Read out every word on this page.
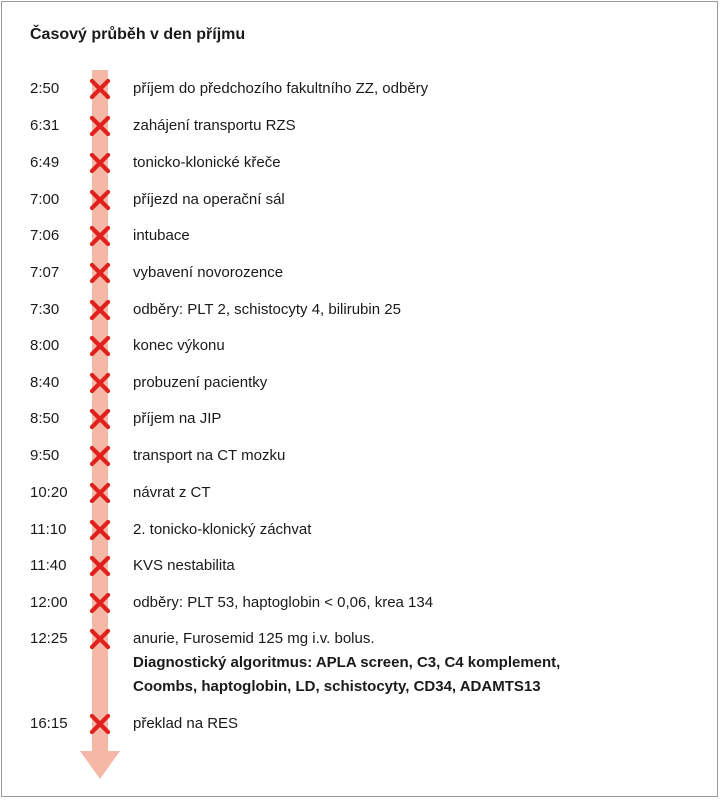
Časový průběh v den příjmu
2:50	příjem do předchozího fakultního ZZ, odběry
6:31	zahájení transportu RZS
6:49	tonicko-klonické křeče
7:00	příjezd na operační sál
7:06	intubace
7:07	vybavení novorozence
7:30	odběry: PLT 2, schistocyty 4, bilirubin 25
8:00	konec výkonu
8:40	probuzení pacientky
8:50	příjem na JIP
9:50	transport na CT mozku
10:20	návrat z CT
11:10	2. tonicko-klonický záchvat
11:40	KVS nestabilita
12:00	odběry: PLT 53, haptoglobin < 0,06, krea 134
12:25	anurie, Furosemid 125 mg i.v. bolus.
Diagnostický algoritmus: APLA screen, C3, C4 komplement,
Coombs, haptoglobin, LD, schistocyty, CD34, ADAMTS13
16:15	překlad na RES
